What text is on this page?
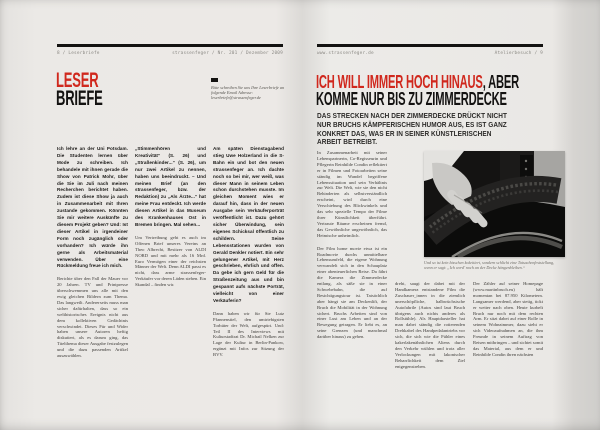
8 / Leserbriefe	strassenfeger / Nr. 201 / Dezember 2009
LESER
BRIEFE	Bitte schreiben Sie uns Ihre Leserbriefe an folgende Email Adresse: leserbriefe@strassenfeger.de

Ich lehre an der Uni Potsdam. Die Studenten lernen über Mode zu schreiben. Ich behandele mit ihnen gerade die Show von Patrick Mohr, über die Sie im Juli nach meinen Recherchen berichtet haben. Zudem ist diese Show ja auch in Zusammenarbeit mit Ihren zustande gekommen. Könnten Sie mir weitere Auskünfte zu diesem Projekt geben? Und: Ist dieser Artikel in irgendeiner Form noch zugänglich oder vorhanden? Ich würde ihn gerne als Arbeitsmaterial verwenden. Über eine Rückmeldung freue ich mich.

Berichte über den Fall der Mauer vor 20 Jahren. TV und Printpresse überschwemmen uns alle mit den ewig gleichen Bildern zum Thema. Das langweilt. Andererseits muss man sicher dafürhalten, dass so ein welthistorisches Ereignis nicht aus dem kollektiven Gedächtnis verschwindet. Dieses Für und Wider haben unsere Autoren heftig diskutiert, als es darum ging, das Titelthema dieser Ausgabe festzulegen und die dazu passenden Artikel auszuwählen.

„Stimmenhören und Kreativität“ (S. 26) und „Straßenkinder...“ (S. 26), um nur zwei Artikel zu nennen, haben uns beeindruckt. – Und meinen Brief (an den strassenfeger, bzw. der Redaktion) zu „Als Ärzte...“ hat meine Frau entdeckt. Ich werde diesen Artikel in das Museum des Krankenhauses Ost in Bremen bringen. Mal sehen...

Um Vertreibung geht es auch im Offenen Brief unseres Vereins an Theo Albrecht, Besitzer von ALDI NORD und mit mehr als 16 Mrd. Euro Vermögen einer der reichsten Männer der Welt. Denn ALDI passt es nicht, dass arme strassenfeger-Verkäufer vor deren Läden stehen. Ein Skandal – finden wir.

Am späten Dienstagabend stieg Uwe Holzerland in die S-Bahn ein und bot den neuen strassenfeger an. Ich dachte noch so bei mir, wer weiß, was dieser Mann in seinem Leben schon durchstehen musste. Im gleichen Moment wies er darauf hin, dass in der neuen Ausgabe sein Verkäuferporträt veröffentlicht ist. Dazu gehört sicher Überwindung, sein eigenes Schicksal öffentlich zu schildern. Seine Lebensstationen wurden von Gerald Denkler notiert. Ein sehr gelungener Artikel, mit Herz geschrieben, ehrlich und offen. Da gebe ich gern Geld für die Straßenzeitung aus und bin gespannt aufs nächste Porträt, vielleicht von einer Verkäuferin?

Dann haben wir für Sie Lutz Pfannenstiel, den umtriebigsten Torhüter der Welt, aufgespürt. Und: Teil II des Interviews mit Kulturstadtrat Dr. Michail Nelken zur Lage der Kultur in Berlin-Pankow, ergänzt mit Infos zur Sitzung der BVV.

www.strassenfeger.de	Atelierbesuch / 9
ICH WILL IMMER HOCH HINAUS, ABER
KOMME NUR BIS ZU ZIMMERDECKE
DAS STRECKEN NACH DER ZIMMERDECKE DRÜCKT NICHT NUR BRUCHS KÄMPFERISCHEN HUMOR AUS, ES IST GANZ KONKRET DAS, WAS ER IN SEINER KÜNSTLERISCHEN ARBEIT BETREIBT.

In Zusammenarbeit mit seiner Lebenspartnerin, Co-Regisseurin und Pflegerin Reinhilde Condin reflektiert er in Filmen und Fotoarbeiten seine ständig im Wandel begriffene Lebenssituation und sein Verhältnis zur Welt. Die Welt, wie sie den nicht Behinderten als selbstverständlich erscheint, wird durch eine Verschiebung des Blickwinkels und das sehr spezielle Tempo der Filme ihrer Künstlichkeit überführt. Vertraute Räume erscheinen fremd, das Gewöhnliche ungewöhnlich, das Heimische unheimlich.

Der Film home movie etwa ist ein Roadmovie durchs unmittelbare Lebensumfeld, die eigene Wohnung verwandelt sich in den Schauplatz einer abenteuerlichen Reise. Da fährt die Kamera die Zimmerdecke entlang, als säße sie in einer Schwebebahn, die auf Besichtigungstour ist. Tatsächlich aber hängt sie am Deckenlift, der Bruch die Mobilität in der Wohnung sichert. Bruchs Arbeiten sind von einer Lust am Leben und an der Bewegung getragen. Er liebt es, an seine Grenzen (und manchmal darüber hinaus) zu gehen.

Und so ist kein bisschen kokettiert, sondern schlicht eine Tatsachenfeststellung, wenn er sagt: „Ich werd’ noch an der Decke hängenbleiben.“

dreht, saugt der dabei mit der Handkamera entstandene Film die Zuschauer_innen in die ziemlich unerschöpfliche, halbwüchsische Autofahrile (Autos sind laut Bruch übrigens auch nichts anderes als Rollstühle). Als Hauptdarsteller hat man dabei ständig die rotierenden Drehkabel des Handpedalantriebs vor sich, die sich wie die Fühler eines kakerlakenähnlichen Aliens durch den Verkehr wühlen und trotz aller Verlockungen mit lakonischer Beharrlichkeit dem Ziel entgegenstreben.

Der Zähler auf seiner Homepage (www.martinbruch.eu) hält momentan bei 87.950 Kilometern. Langsamer werdend, aber stetig, tickt er weiter nach oben. Heute kurbelt Bruch nur noch mit dem rechten Arm. Er sitzt dabei auf einer Rolle in seinem Wohnzimmer, dazu sieht er sich Videoaufnahmen an, die ihm Freunde in seinem Auftrag von Reisen mitbringen – und sichtet somit das Material, aus dem er und Reinhilde Condin ihren nächsten
